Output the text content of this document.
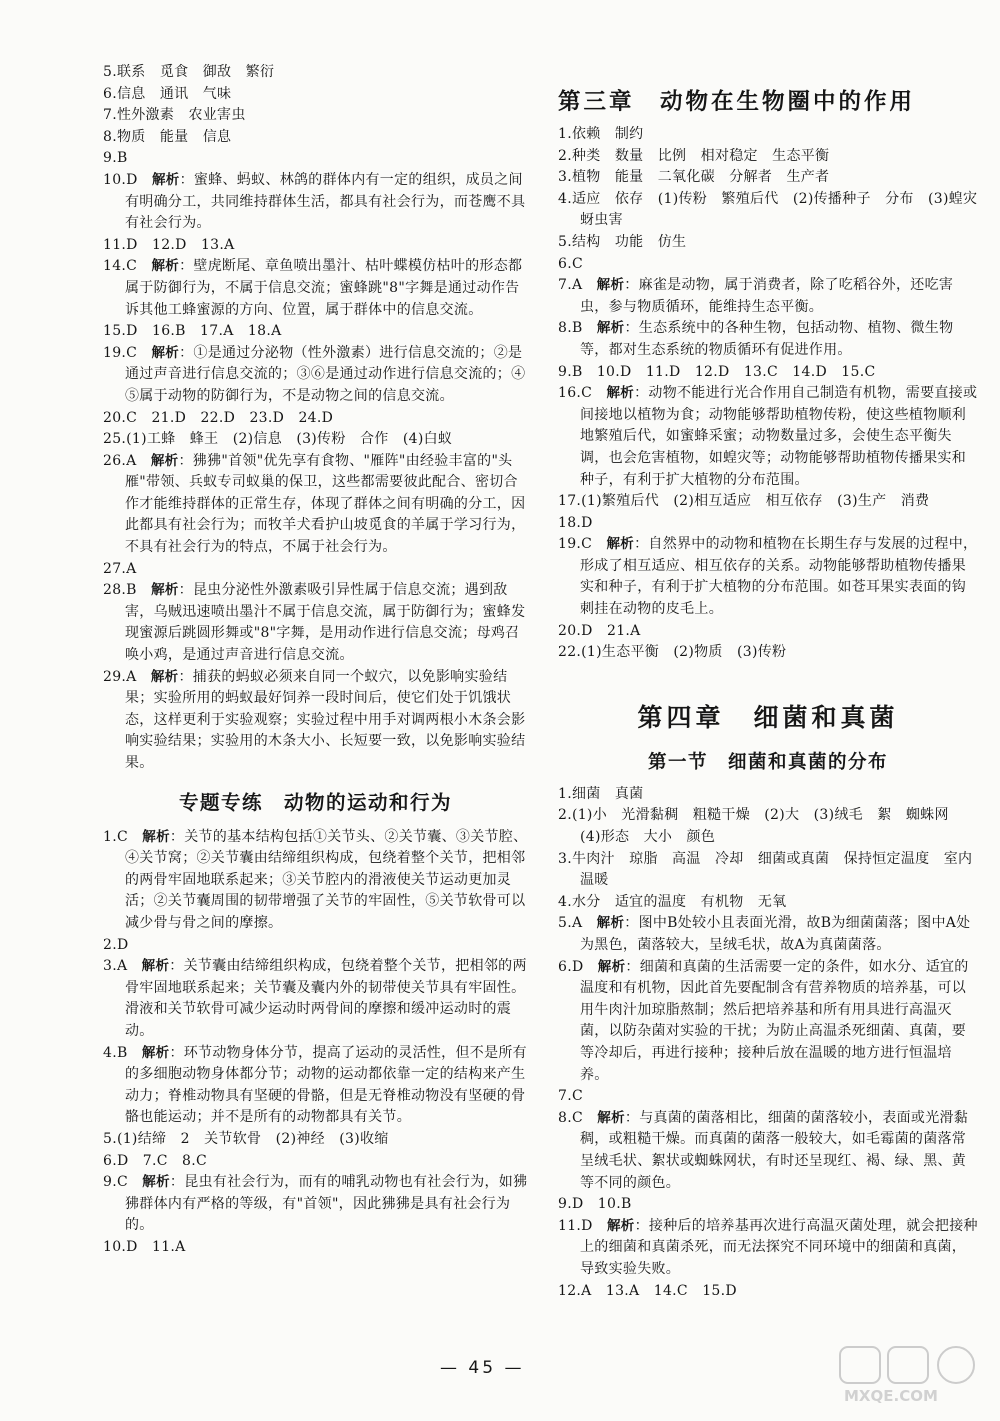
5.联系　觅食　御敌　繁衍

6.信息　通讯　气味

7.性外激素　农业害虫

8.物质　能量　信息

9.B

10.D　解析：蜜蜂、蚂蚁、林鸽的群体内有一定的组织，成员之间有明确分工，共同维持群体生活，都具有社会行为，而苍鹰不具有社会行为。

11.D　12.D　13.A

14.C　解析：壁虎断尾、章鱼喷出墨汁、枯叶蝶模仿枯叶的形态都属于防御行为，不属于信息交流；蜜蜂跳"8"字舞是通过动作告诉其他工蜂蜜源的方向、位置，属于群体中的信息交流。

15.D　16.B　17.A　18.A

19.C　解析：①是通过分泌物（性外激素）进行信息交流的；②是通过声音进行信息交流的；③⑥是通过动作进行信息交流的；④⑤属于动物的防御行为，不是动物之间的信息交流。

20.C　21.D　22.D　23.D　24.D

25.(1)工蜂　蜂王　(2)信息　(3)传粉　合作　(4)白蚁

26.A　解析：狒狒"首领"优先享有食物、"雁阵"由经验丰富的"头雁"带领、兵蚁专司蚁巢的保卫，这些都需要彼此配合、密切合作才能维持群体的正常生存，体现了群体之间有明确的分工，因此都具有社会行为；而牧羊犬看护山坡觅食的羊属于学习行为，不具有社会行为的特点，不属于社会行为。

27.A

28.B　解析：昆虫分泌性外激素吸引异性属于信息交流；遇到敌害，乌贼迅速喷出墨汁不属于信息交流，属于防御行为；蜜蜂发现蜜源后跳圆形舞或"8"字舞，是用动作进行信息交流；母鸡召唤小鸡，是通过声音进行信息交流。

29.A　解析：捕获的蚂蚁必须来自同一个蚁穴，以免影响实验结果；实验所用的蚂蚁最好饲养一段时间后，使它们处于饥饿状态，这样更利于实验观察；实验过程中用手对调两根小木条会影响实验结果；实验用的木条大小、长短要一致，以免影响实验结果。

专题专练　动物的运动和行为

1.C　解析：关节的基本结构包括①关节头、②关节囊、③关节腔、④关节窝；②关节囊由结缔组织构成，包绕着整个关节，把相邻的两骨牢固地联系起来；③关节腔内的滑液使关节运动更加灵活；②关节囊周围的韧带增强了关节的牢固性，⑤关节软骨可以减少骨与骨之间的摩擦。

2.D

3.A　解析：关节囊由结缔组织构成，包绕着整个关节，把相邻的两骨牢固地联系起来；关节囊及囊内外的韧带使关节具有牢固性。滑液和关节软骨可减少运动时两骨间的摩擦和缓冲运动时的震动。

4.B　解析：环节动物身体分节，提高了运动的灵活性，但不是所有的多细胞动物身体都分节；动物的运动都依靠一定的结构来产生动力；脊椎动物具有坚硬的骨骼，但是无脊椎动物没有坚硬的骨骼也能运动；并不是所有的动物都具有关节。

5.(1)结缔　2　关节软骨　(2)神经　(3)收缩

6.D　7.C　8.C

9.C　解析：昆虫有社会行为，而有的哺乳动物也有社会行为，如狒狒群体内有严格的等级，有"首领"，因此狒狒是具有社会行为的。

10.D　11.A

第三章　动物在生物圈中的作用

1.依赖　制约

2.种类　数量　比例　相对稳定　生态平衡

3.植物　能量　二氧化碳　分解者　生产者

4.适应　依存　(1)传粉　繁殖后代　(2)传播种子　分布　(3)蝗灾　蚜虫害

5.结构　功能　仿生

6.C

7.A　解析：麻雀是动物，属于消费者，除了吃稻谷外，还吃害虫，参与物质循环，能维持生态平衡。

8.B　解析：生态系统中的各种生物，包括动物、植物、微生物等，都对生态系统的物质循环有促进作用。

9.B　10.D　11.D　12.D　13.C　14.D　15.C

16.C　解析：动物不能进行光合作用自己制造有机物，需要直接或间接地以植物为食；动物能够帮助植物传粉，使这些植物顺利地繁殖后代，如蜜蜂采蜜；动物数量过多，会使生态平衡失调，也会危害植物，如蝗灾等；动物能够帮助植物传播果实和种子，有利于扩大植物的分布范围。

17.(1)繁殖后代　(2)相互适应　相互依存　(3)生产　消费

18.D

19.C　解析：自然界中的动物和植物在长期生存与发展的过程中，形成了相互适应、相互依存的关系。动物能够帮助植物传播果实和种子，有利于扩大植物的分布范围。如苍耳果实表面的钩刺挂在动物的皮毛上。

20.D　21.A

22.(1)生态平衡　(2)物质　(3)传粉

第四章　细菌和真菌
第一节　细菌和真菌的分布

1.细菌　真菌

2.(1)小　光滑黏稠　粗糙干燥　(2)大　(3)绒毛　絮　蜘蛛网　(4)形态　大小　颜色

3.牛肉汁　琼脂　高温　冷却　细菌或真菌　保持恒定温度　室内温暖

4.水分　适宜的温度　有机物　无氧

5.A　解析：图中B处较小且表面光滑，故B为细菌菌落；图中A处为黑色，菌落较大，呈绒毛状，故A为真菌菌落。

6.D　解析：细菌和真菌的生活需要一定的条件，如水分、适宜的温度和有机物，因此首先要配制含有营养物质的培养基，可以用牛肉汁加琼脂熬制；然后把培养基和所有用具进行高温灭菌，以防杂菌对实验的干扰；为防止高温杀死细菌、真菌，要等冷却后，再进行接种；接种后放在温暖的地方进行恒温培养。

7.C

8.C　解析：与真菌的菌落相比，细菌的菌落较小，表面或光滑黏稠，或粗糙干燥。而真菌的菌落一般较大，如毛霉菌的菌落常呈绒毛状、絮状或蜘蛛网状，有时还呈现红、褐、绿、黑、黄等不同的颜色。

9.D　10.B

11.D　解析：接种后的培养基再次进行高温灭菌处理，就会把接种上的细菌和真菌杀死，而无法探究不同环境中的细菌和真菌，导致实验失败。

12.A　13.A　14.C　15.D

— 45 —
MXQE.COM
